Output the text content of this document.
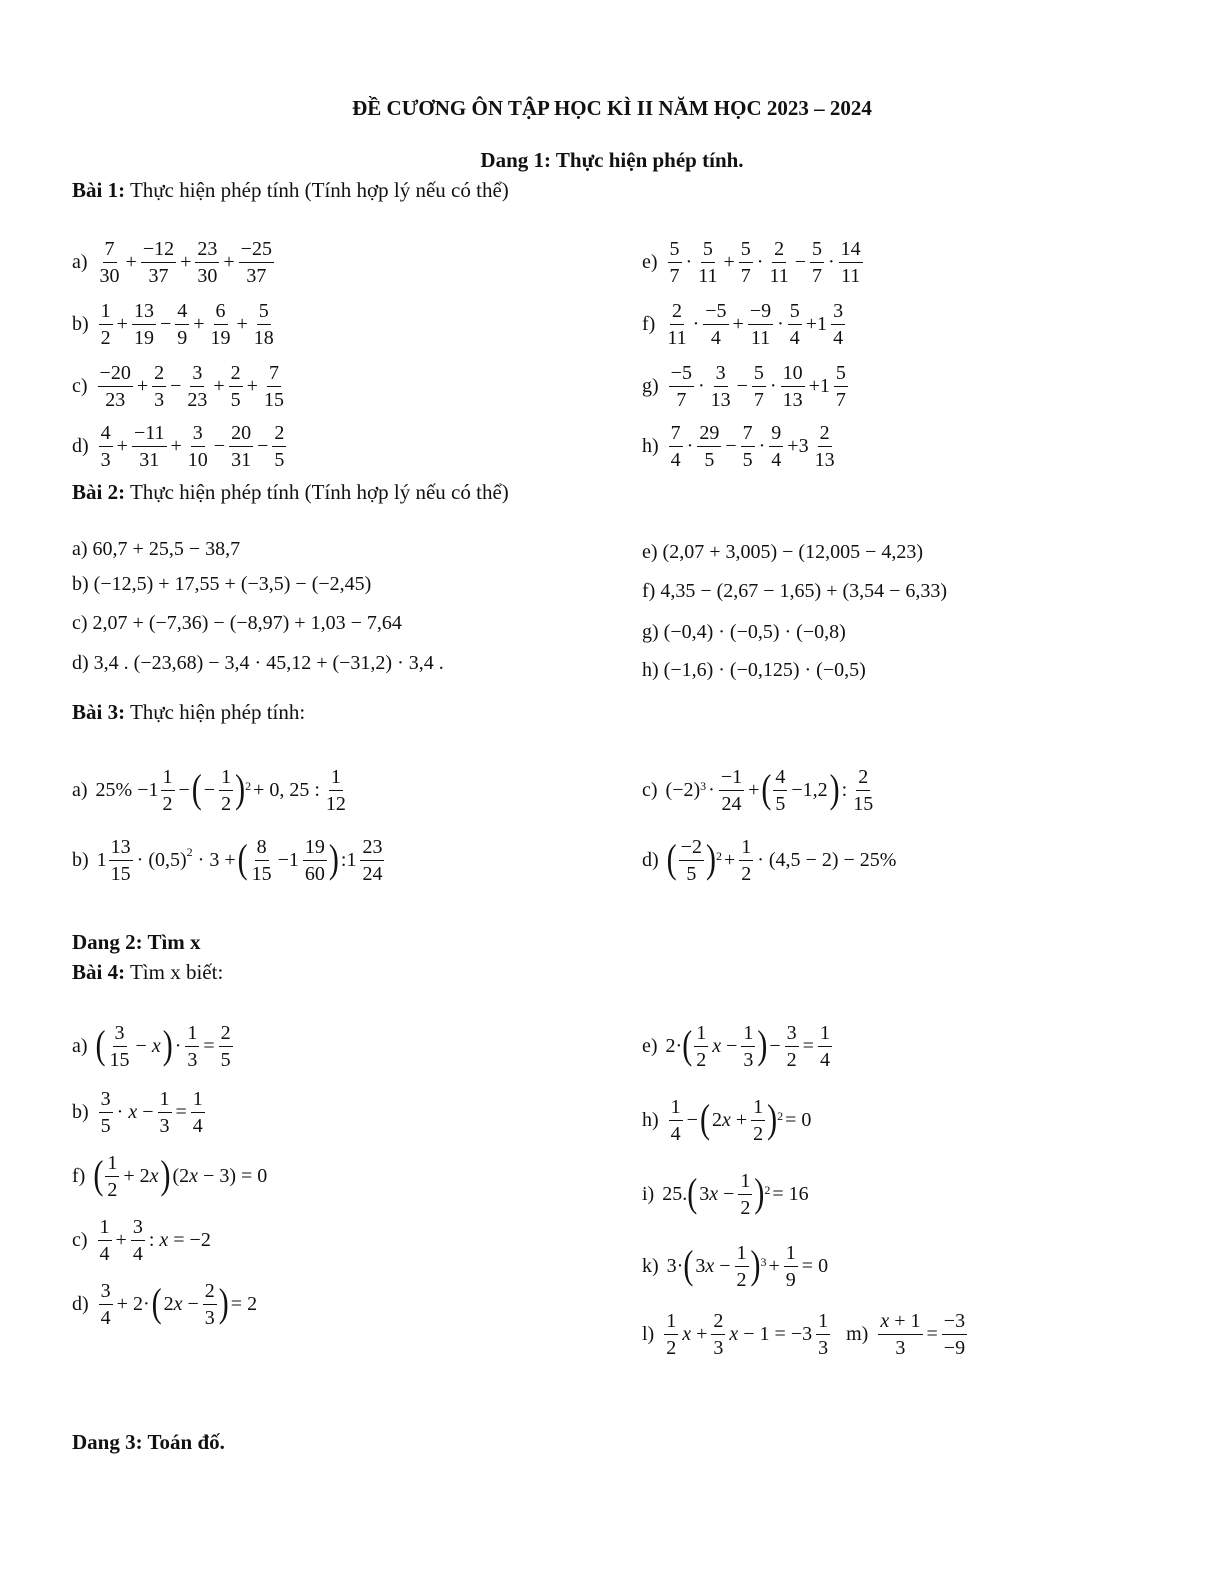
ĐỀ CƯƠNG ÔN TẬP HỌC KÌ II NĂM HỌC 2023 – 2024
Dang 1: Thực hiện phép tính.
Bài 1: Thực hiện phép tính (Tính hợp lý nếu có thể)
a)
7
30
+ $\frac{-12}{37} + \frac{23}{30} + \frac{-25}{37}$
b)
1
2
+ $\frac{13}{19} - \frac{4}{9} + \frac{6}{19} + \frac{5}{18}$
c)
−20
23
+ $\frac{2}{3} - \frac{3}{23} + \frac{2}{5} + \frac{7}{15}$
d)
4
3
+ $\frac{-11}{31} + \frac{3}{10} - \frac{20}{31} - \frac{2}{5}$
e)
5
7
·
5
11
+ $\frac{5}{7}$ ·
2
11
− $\frac{5}{7}$ ·
14
11
f)
2
11
·
−5
4
+ $\frac{-9}{11}$ ·
5
4
+1
3
4
g)
−5
7
·
3
13
− $\frac{5}{7}$ ·
10
13
+1
5
7
h)
7
4
·
29
5
− $\frac{7}{5}$ ·
9
4
+3
2
13
Bài 2: Thực hiện phép tính (Tính hợp lý nếu có thể)
a) 60,7 + 25,5 − 38,7
b) (−12,5) + 17,55 + (−3,5) − (−2,45)
c) 2,07 + (−7,36) − (−8,97) + 1,03 − 7,64
d) 3,4 . (−23,68) − 3,4 · 45,12 + (−31,2) · 3,4 .
e) (2,07 + 3,005) − (12,005 − 4,23)
f) 4,35 − (2,67 − 1,65) + (3,54 − 6,33)
g) (−0,4) · (−0,5) · (−0,8)
h) (−1,6) · (−0,125) · (−0,5)
Bài 3: Thực hiện phép tính:
a) 25% −1
1
2
− ( − $\frac{1}{2} )^2 + 0$, 25 :
1
12
b) 1
13
15
· $(0,5)^2 \cdot 3$ + ( 8
15
−1
19
60 ) :1
23
24
c) $(-2)^3$ ·
−1
24
+ ( 4
5
−1,2 ) :
2
15
d) ( −2
5 )$^2 + \frac{1}{2} \cdot (4,5 - 2) - 25\%$
Dang 2: Tìm x
Bài 4: Tìm x biết:
a) ( 3
15
− x ) · $\frac{1}{3} = \frac{2}{5}$
b)
3
5
· $x - \frac{1}{3} = \frac{1}{4}$
f) ( 1
2
+ 2x ) (2x − 3) = 0
c)
1
4
+ $\frac{3}{4}$ : x = −2
d)
3
4
+ 2· ( $2x - \frac{2}{3}$ ) = 2
e) 2· ( 1
2
$x - \frac{1}{3}$ ) − $\frac{3}{2} = \frac{1}{4}$
h)
1
4
− ( $2x + \frac{1}{2} )^2 = 0$
i) 25. ( $3x - \frac{1}{2} )^2 = 16$
k) 3· ( $3x - \frac{1}{2} )^3 + \frac{1}{9} = 0$
l)
1
2
$x + \frac{2}{3}$ x − 1 = −3
1
3
$m) \frac{x + 1}{3} = \frac{-3}{-9}$
Dang 3: Toán đố.
